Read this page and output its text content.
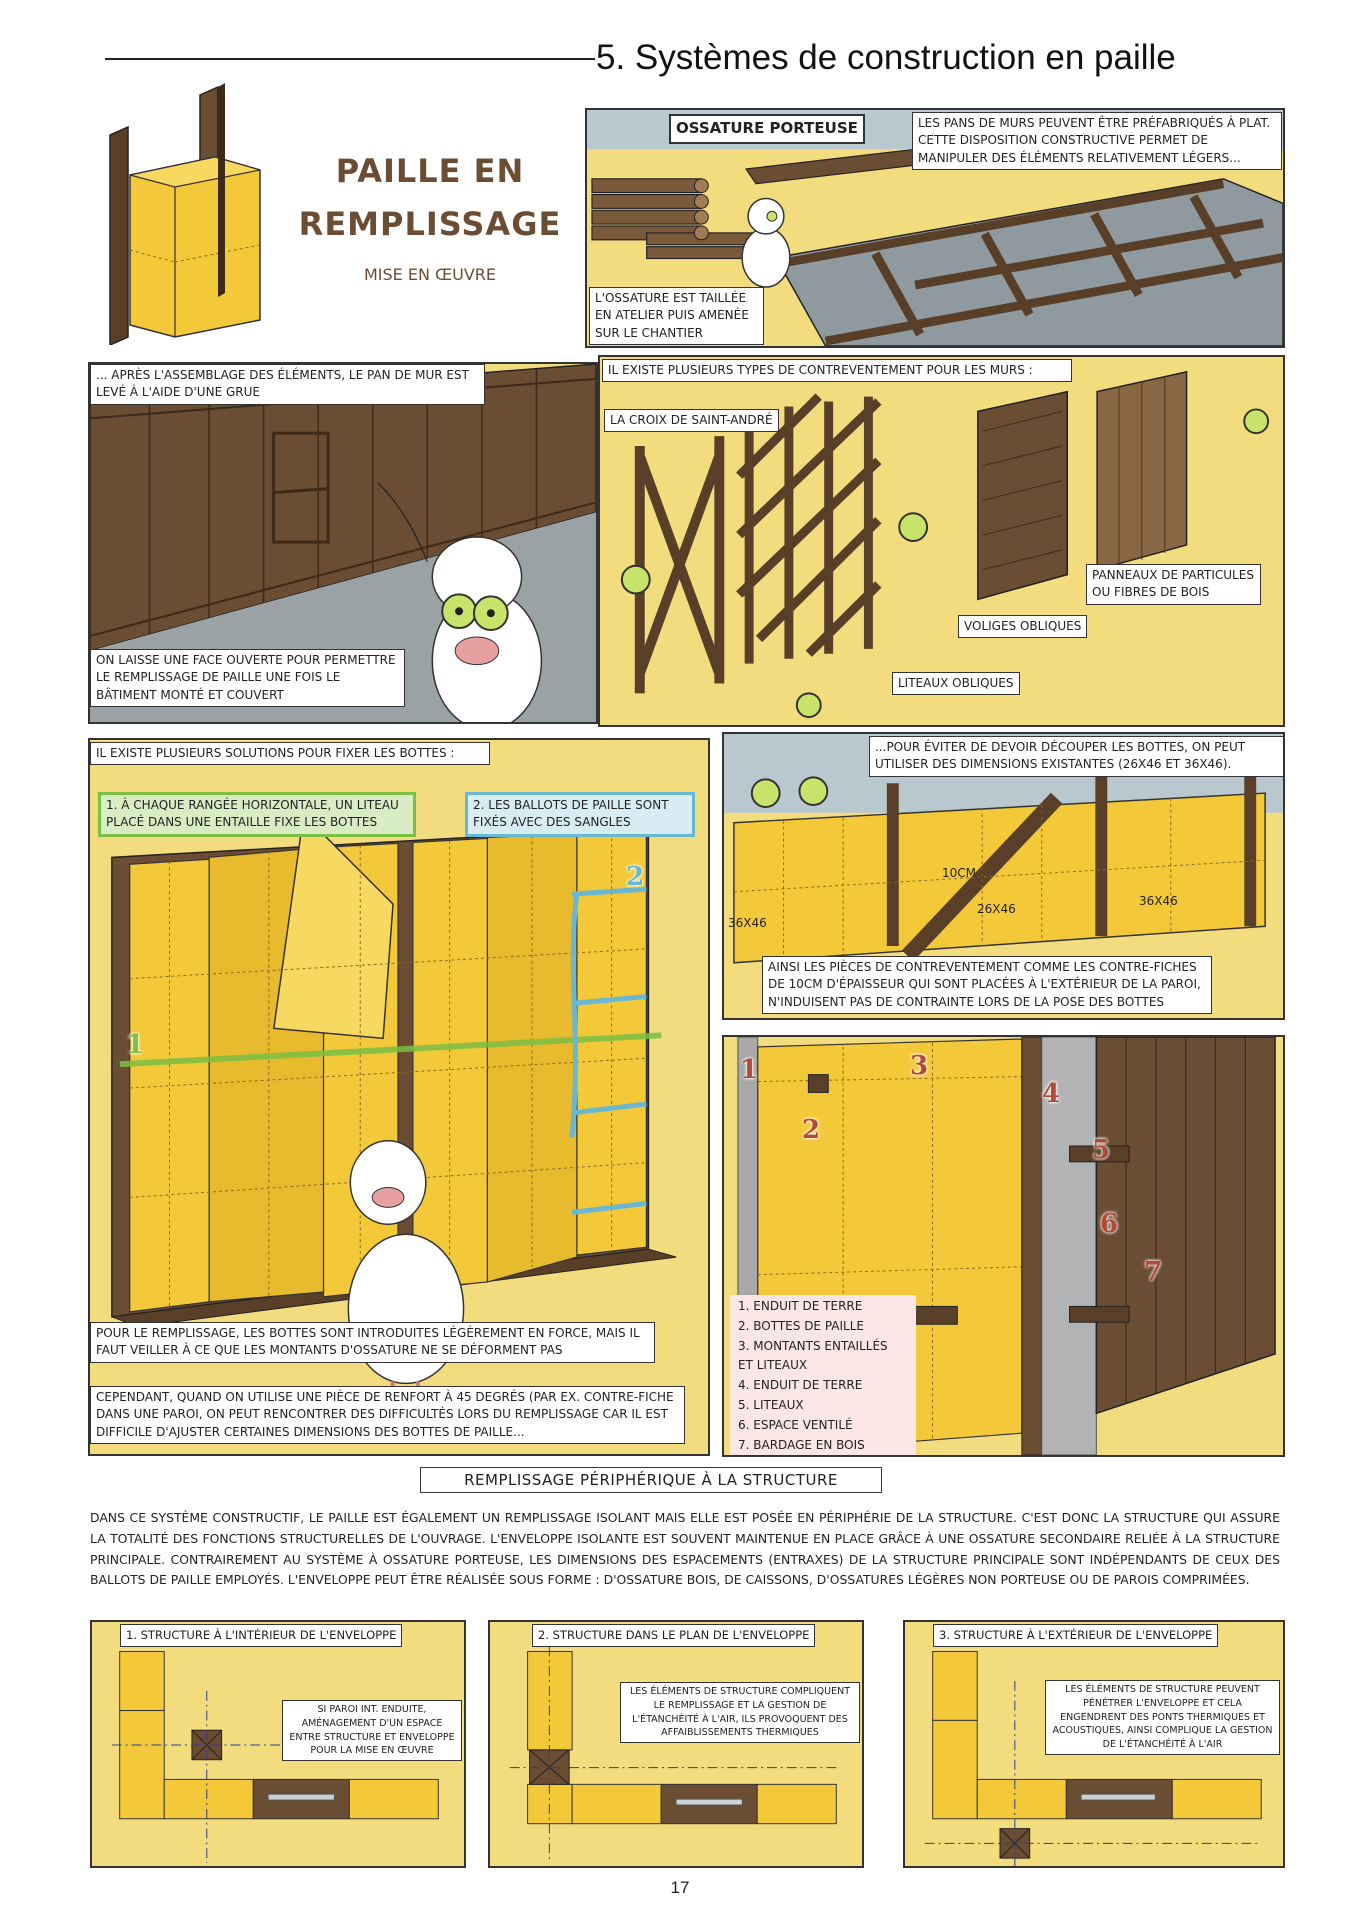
5. Systèmes de construction en paille
PAILLE EN
REMPLISSAGE
MISE EN ŒUVRE
OSSATURE PORTEUSE	LES PANS DE MURS PEUVENT ÊTRE PRÉFABRIQUÉS À PLAT. CETTE DISPOSITION CONSTRUCTIVE PERMET DE MANIPULER DES ÉLÉMENTS RELATIVEMENT LÉGERS...
L'OSSATURE EST TAILLÉE EN ATELIER PUIS AMENÉE SUR LE CHANTIER
... APRÈS L'ASSEMBLAGE DES ÉLÉMENTS, LE PAN DE MUR EST LEVÉ À L'AIDE D'UNE GRUE
ON LAISSE UNE FACE OUVERTE POUR PERMETTRE LE REMPLISSAGE DE PAILLE UNE FOIS LE BÂTIMENT MONTÉ ET COUVERT
IL EXISTE PLUSIEURS TYPES DE CONTREVENTEMENT POUR LES MURS :
LA CROIX DE SAINT-ANDRÉ
PANNEAUX DE PARTICULES OU FIBRES DE BOIS
VOLIGES OBLIQUES
LITEAUX OBLIQUES
IL EXISTE PLUSIEURS SOLUTIONS POUR FIXER LES BOTTES :
1. À CHAQUE RANGÉE HORIZONTALE, UN LITEAU PLACÉ DANS UNE ENTAILLE FIXE LES BOTTES
2. LES BALLOTS DE PAILLE SONT FIXÉS AVEC DES SANGLES
1
2
POUR LE REMPLISSAGE, LES BOTTES SONT INTRODUITES LÉGÈREMENT EN FORCE, MAIS IL FAUT VEILLER À CE QUE LES MONTANTS D'OSSATURE NE SE DÉFORMENT PAS
CEPENDANT, QUAND ON UTILISE UNE PIÈCE DE RENFORT À 45 DEGRÉS (PAR EX. CONTRE-FICHE DANS UNE PAROI, ON PEUT RENCONTRER DES DIFFICULTÉS LORS DU REMPLISSAGE CAR IL EST DIFFICILE D'AJUSTER CERTAINES DIMENSIONS DES BOTTES DE PAILLE...
...POUR ÉVITER DE DEVOIR DÉCOUPER LES BOTTES, ON PEUT UTILISER DES DIMENSIONS EXISTANTES (26X46 ET 36X46).
10CM
26X46
36X46
36X46
AINSI LES PIÈCES DE CONTREVENTEMENT COMME LES CONTRE-FICHES DE 10CM D'ÉPAISSEUR QUI SONT PLACÉES À L'EXTÉRIEUR DE LA PAROI, N'INDUISENT PAS DE CONTRAINTE LORS DE LA POSE DES BOTTES
1
2
3
4
5
6
7
1. ENDUIT DE TERRE
2. BOTTES DE PAILLE
3. MONTANTS ENTAILLÉS
ET LITEAUX
4. ENDUIT DE TERRE
5. LITEAUX
6. ESPACE VENTILÉ
7. BARDAGE EN BOIS
REMPLISSAGE PÉRIPHÉRIQUE À LA STRUCTURE
DANS CE SYSTÈME CONSTRUCTIF, LE PAILLE EST ÉGALEMENT UN REMPLISSAGE ISOLANT MAIS ELLE EST POSÉE EN PÉRIPHÉRIE DE LA STRUCTURE. C'EST DONC LA STRUCTURE QUI ASSURE LA TOTALITÉ DES FONCTIONS STRUCTURELLES DE L'OUVRAGE. L'ENVELOPPE ISOLANTE EST SOUVENT MAINTENUE EN PLACE GRÂCE À UNE OSSATURE SECONDAIRE RELIÉE À LA STRUCTURE PRINCIPALE. CONTRAIREMENT AU SYSTÈME À OSSATURE PORTEUSE, LES DIMENSIONS DES ESPACEMENTS (ENTRAXES) DE LA STRUCTURE PRINCIPALE SONT INDÉPENDANTS DE CEUX DES BALLOTS DE PAILLE EMPLOYÉS. L'ENVELOPPE PEUT ÊTRE RÉALISÉE SOUS FORME : D'OSSATURE BOIS, DE CAISSONS, D'OSSATURES LÉGÈRES NON PORTEUSE OU DE PAROIS COMPRIMÉES.
1. STRUCTURE À L'INTÉRIEUR DE L'ENVELOPPE
SI PAROI INT. ENDUITE, AMÉNAGEMENT D'UN ESPACE ENTRE STRUCTURE ET ENVELOPPE POUR LA MISE EN ŒUVRE
2. STRUCTURE DANS LE PLAN DE L'ENVELOPPE
LES ÉLÉMENTS DE STRUCTURE COMPLIQUENT LE REMPLISSAGE ET LA GESTION DE L'ÉTANCHÉITÉ À L'AIR, ILS PROVOQUENT DES AFFAIBLISSEMENTS THERMIQUES
3. STRUCTURE À L'EXTÉRIEUR DE L'ENVELOPPE
LES ÉLÉMENTS DE STRUCTURE PEUVENT PÉNÉTRER L'ENVELOPPE ET CELA ENGENDRENT DES PONTS THERMIQUES ET ACOUSTIQUES, AINSI COMPLIQUE LA GESTION DE L'ÉTANCHÉITÉ À L'AIR
17
